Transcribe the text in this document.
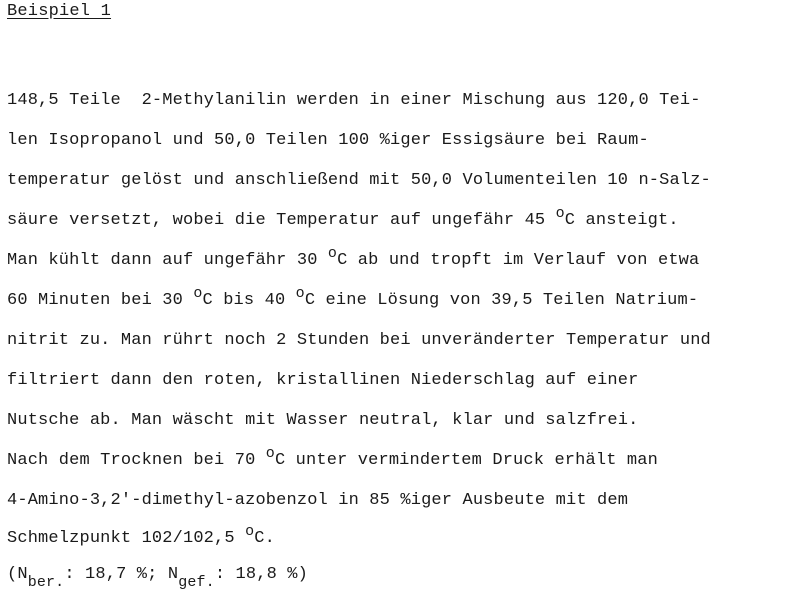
Beispiel 1
148,5 Teile  2-Methylanilin werden in einer Mischung aus 120,0 Tei-
len Isopropanol und 50,0 Teilen 100 %iger Essigsäure bei Raum-
temperatur gelöst und anschließend mit 50,0 Volumenteilen 10 n-Salz-
säure versetzt, wobei die Temperatur auf ungefähr 45 $^o$C ansteigt.
Man kühlt dann auf ungefähr 30 $^o$C ab und tropft im Verlauf von etwa
60 Minuten bei 30 $^o$C bis 40 $^o$C eine Lösung von 39,5 Teilen Natrium-
nitrit zu. Man rührt noch 2 Stunden bei unveränderter Temperatur und
filtriert dann den roten, kristallinen Niederschlag auf einer
Nutsche ab. Man wäscht mit Wasser neutral, klar und salzfrei.
Nach dem Trocknen bei 70 $^o$C unter vermindertem Druck erhält man
4-Amino-3,2'-dimethyl-azobenzol in 85 %iger Ausbeute mit dem
Schmelzpunkt 102/102,5 $^o$C.
($N_{ber.}$: 18,7 %; $N_{gef.}$: 18,8 %)
